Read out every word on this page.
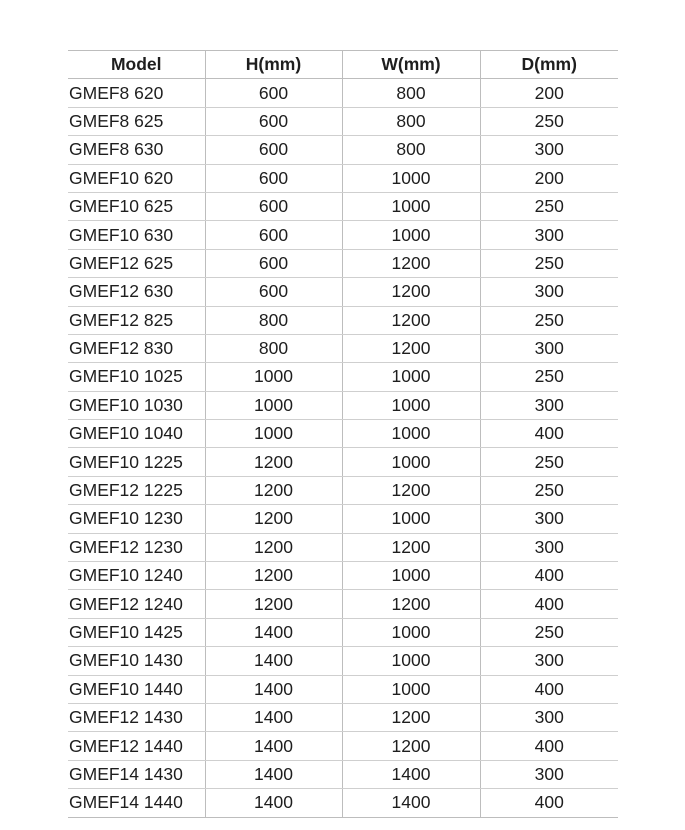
Model	H(mm)	W(mm)	D(mm)
GMEF8 620	600	800	200
GMEF8 625	600	800	250
GMEF8 630	600	800	300
GMEF10 620	600	1000	200
GMEF10 625	600	1000	250
GMEF10 630	600	1000	300
GMEF12 625	600	1200	250
GMEF12 630	600	1200	300
GMEF12 825	800	1200	250
GMEF12 830	800	1200	300
GMEF10 1025	1000	1000	250
GMEF10 1030	1000	1000	300
GMEF10 1040	1000	1000	400
GMEF10 1225	1200	1000	250
GMEF12 1225	1200	1200	250
GMEF10 1230	1200	1000	300
GMEF12 1230	1200	1200	300
GMEF10 1240	1200	1000	400
GMEF12 1240	1200	1200	400
GMEF10 1425	1400	1000	250
GMEF10 1430	1400	1000	300
GMEF10 1440	1400	1000	400
GMEF12 1430	1400	1200	300
GMEF12 1440	1400	1200	400
GMEF14 1430	1400	1400	300
GMEF14 1440	1400	1400	400
